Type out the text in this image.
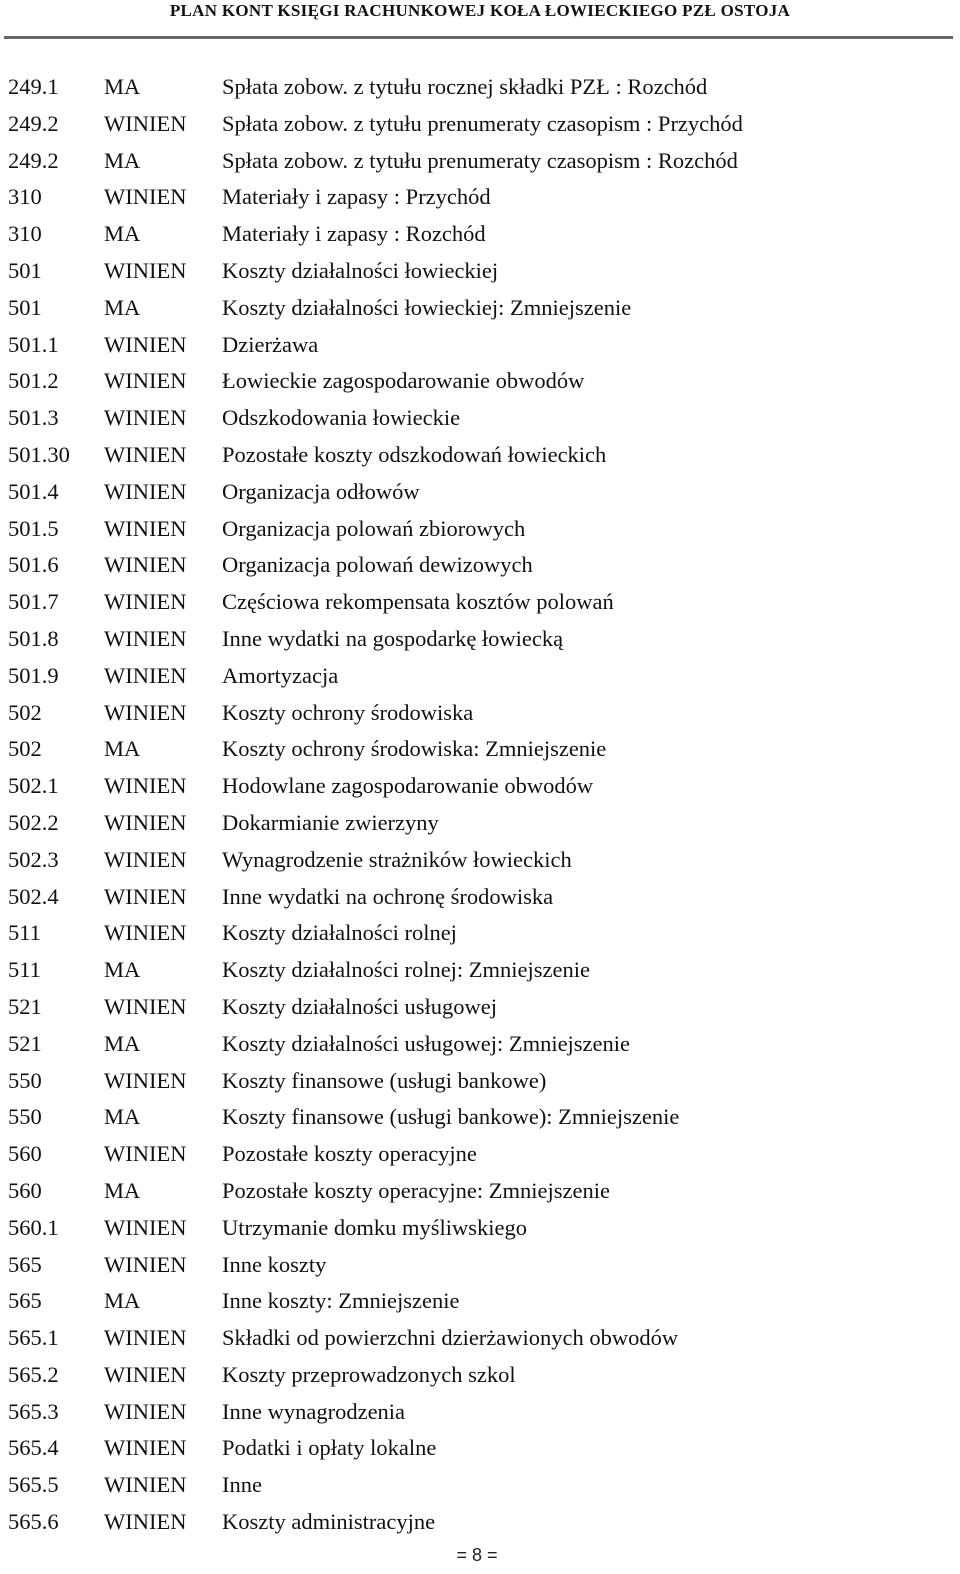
PLAN KONT KSIĘGI RACHUNKOWEJ KOŁA ŁOWIECKIEGO PZŁ OSTOJA
249.1 MA	Spłata zobow. z tytułu rocznej składki PZŁ : Rozchód
249.2 WINIEN Spłata zobow. z tytułu prenumeraty czasopism : Przychód
249.2 MA	Spłata zobow. z tytułu prenumeraty czasopism : Rozchód
310	WINIEN Materiały i zapasy : Przychód
310	MA	Materiały i zapasy : Rozchód
501	WINIEN Koszty działalności łowieckiej
501	MA	Koszty działalności łowieckiej: Zmniejszenie
501.1 WINIEN Dzierżawa
501.2 WINIEN Łowieckie zagospodarowanie obwodów
501.3 WINIEN Odszkodowania łowieckie
501.30 WINIEN Pozostałe koszty odszkodowań łowieckich
501.4 WINIEN Organizacja odłowów
501.5 WINIEN Organizacja polowań zbiorowych
501.6 WINIEN Organizacja polowań dewizowych
501.7 WINIEN Częściowa rekompensata kosztów polowań
501.8 WINIEN Inne wydatki na gospodarkę łowiecką
501.9 WINIEN Amortyzacja
502	WINIEN Koszty ochrony środowiska
502	MA	Koszty ochrony środowiska: Zmniejszenie
502.1 WINIEN Hodowlane zagospodarowanie obwodów
502.2 WINIEN Dokarmianie zwierzyny
502.3 WINIEN Wynagrodzenie strażników łowieckich
502.4 WINIEN Inne wydatki na ochronę środowiska
511	WINIEN Koszty działalności rolnej
511	MA	Koszty działalności rolnej: Zmniejszenie
521	WINIEN Koszty działalności usługowej
521	MA	Koszty działalności usługowej: Zmniejszenie
550	WINIEN Koszty finansowe (usługi bankowe)
550	MA	Koszty finansowe (usługi bankowe): Zmniejszenie
560	WINIEN Pozostałe koszty operacyjne
560	MA	Pozostałe koszty operacyjne: Zmniejszenie
560.1 WINIEN Utrzymanie domku myśliwskiego
565	WINIEN Inne koszty
565	MA	Inne koszty: Zmniejszenie
565.1 WINIEN Składki od powierzchni dzierżawionych obwodów
565.2 WINIEN Koszty przeprowadzonych szkol
565.3 WINIEN Inne wynagrodzenia
565.4 WINIEN Podatki i opłaty lokalne
565.5 WINIEN Inne
565.6 WINIEN Koszty administracyjne
= 8 =
